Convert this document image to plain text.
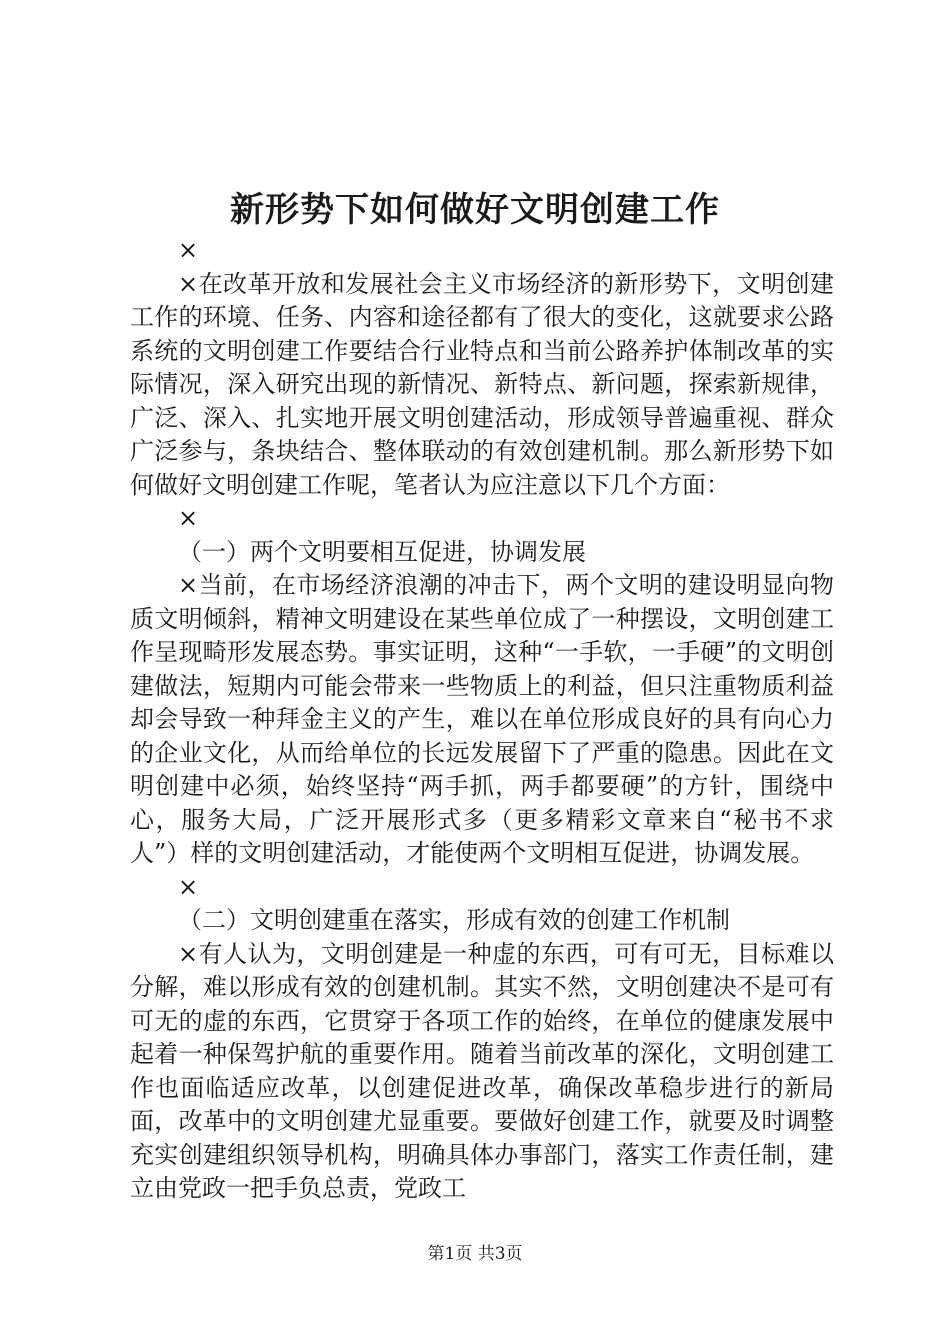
新形势下如何做好文明创建工作

×

×在改革开放和发展社会主义市场经济的新形势下，文明创建工作的环境、任务、内容和途径都有了很大的变化，这就要求公路系统的文明创建工作要结合行业特点和当前公路养护体制改革的实际情况，深入研究出现的新情况、新特点、新问题，探索新规律，广泛、深入、扎实地开展文明创建活动，形成领导普遍重视、群众广泛参与，条块结合、整体联动的有效创建机制。那么新形势下如何做好文明创建工作呢，笔者认为应注意以下几个方面：

×

（一）两个文明要相互促进，协调发展

×当前，在市场经济浪潮的冲击下，两个文明的建设明显向物质文明倾斜，精神文明建设在某些单位成了一种摆设，文明创建工作呈现畸形发展态势。事实证明，这种“一手软，一手硬”的文明创建做法，短期内可能会带来一些物质上的利益，但只注重物质利益却会导致一种拜金主义的产生，难以在单位形成良好的具有向心力的企业文化，从而给单位的长远发展留下了严重的隐患。因此在文明创建中必须，始终坚持“两手抓，两手都要硬”的方针，围绕中心，服务大局，广泛开展形式多（更多精彩文章来自“秘书不求人”）样的文明创建活动，才能使两个文明相互促进，协调发展。

×

（二）文明创建重在落实，形成有效的创建工作机制

×有人认为，文明创建是一种虚的东西，可有可无，目标难以分解，难以形成有效的创建机制。其实不然，文明创建决不是可有可无的虚的东西，它贯穿于各项工作的始终，在单位的健康发展中起着一种保驾护航的重要作用。随着当前改革的深化，文明创建工作也面临适应改革，以创建促进改革，确保改革稳步进行的新局面，改革中的文明创建尤显重要。要做好创建工作，就要及时调整充实创建组织领导机构，明确具体办事部门，落实工作责任制，建立由党政一把手负总责，党政工

第1页 共3页
